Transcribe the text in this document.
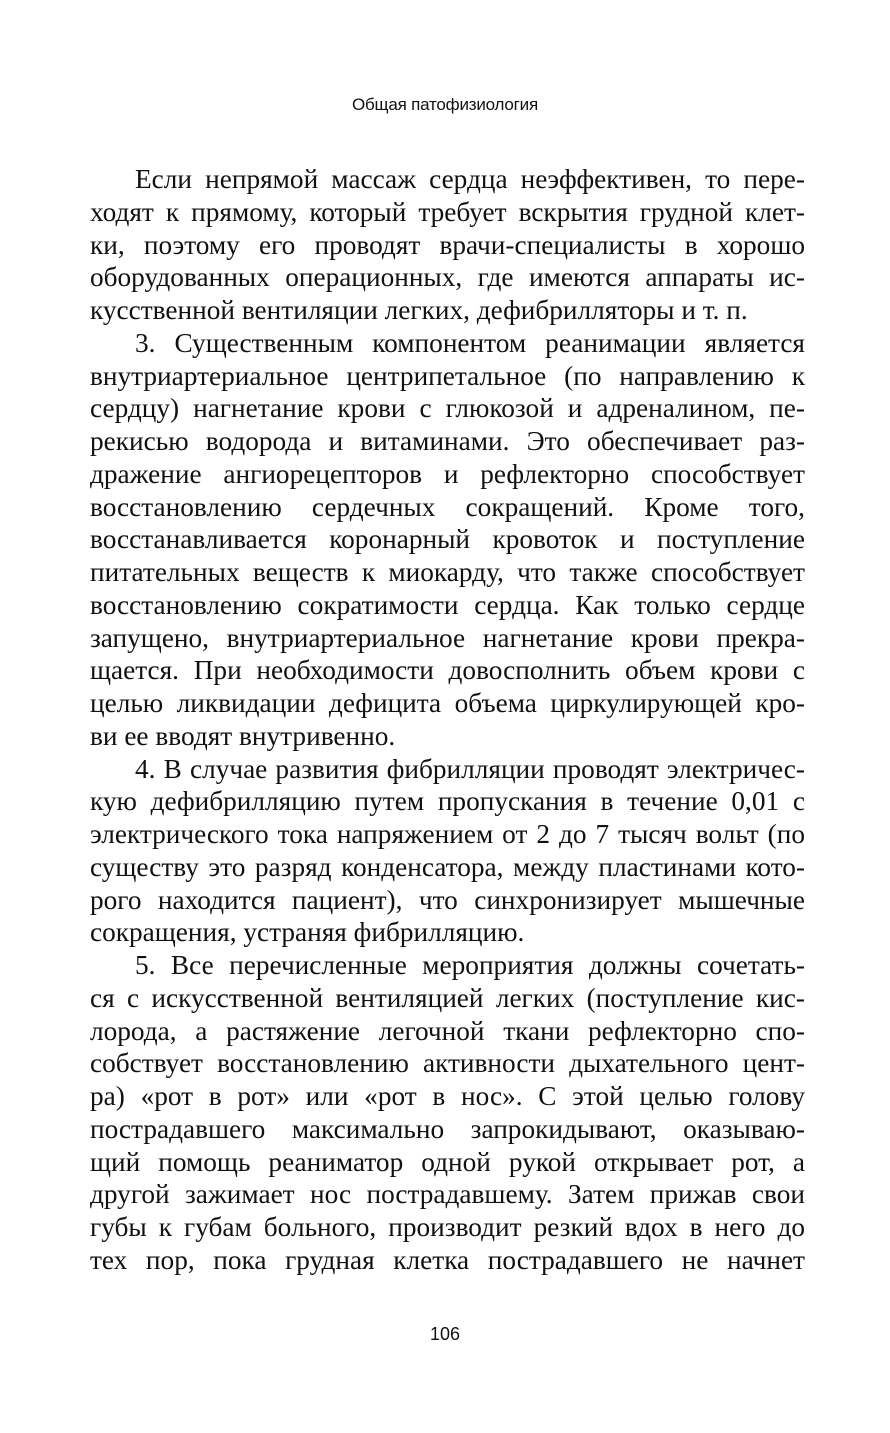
Общая патофизиология
Если непрямой массаж сердца неэффективен, то пере-
ходят к прямому, который требует вскрытия грудной клет-
ки, поэтому его проводят врачи-специалисты в хорошо
оборудованных операционных, где имеются аппараты ис-
кусственной вентиляции легких, дефибрилляторы и т. п.
3. Существенным компонентом реанимации является
внутриартериальное центрипетальное (по направлению к
сердцу) нагнетание крови с глюкозой и адреналином, пе-
рекисью водорода и витаминами. Это обеспечивает раз-
дражение ангиорецепторов и рефлекторно способствует
восстановлению сердечных сокращений. Кроме того,
восстанавливается коронарный кровоток и поступление
питательных веществ к миокарду, что также способствует
восстановлению сократимости сердца. Как только сердце
запущено, внутриартериальное нагнетание крови прекра-
щается. При необходимости довосполнить объем крови с
целью ликвидации дефицита объема циркулирующей кро-
ви ее вводят внутривенно.
4. В случае развития фибрилляции проводят электричес-
кую дефибрилляцию путем пропускания в течение 0,01 с
электрического тока напряжением от 2 до 7 тысяч вольт (по
существу это разряд конденсатора, между пластинами кото-
рого находится пациент), что синхронизирует мышечные
сокращения, устраняя фибрилляцию.
5. Все перечисленные мероприятия должны сочетать-
ся с искусственной вентиляцией легких (поступление кис-
лорода, а растяжение легочной ткани рефлекторно спо-
собствует восстановлению активности дыхательного цент-
ра) «рот в рот» или «рот в нос». С этой целью голову
пострадавшего максимально запрокидывают, оказываю-
щий помощь реаниматор одной рукой открывает рот, а
другой зажимает нос пострадавшему. Затем прижав свои
губы к губам больного, производит резкий вдох в него до
тех пор, пока грудная клетка пострадавшего не начнет
106
